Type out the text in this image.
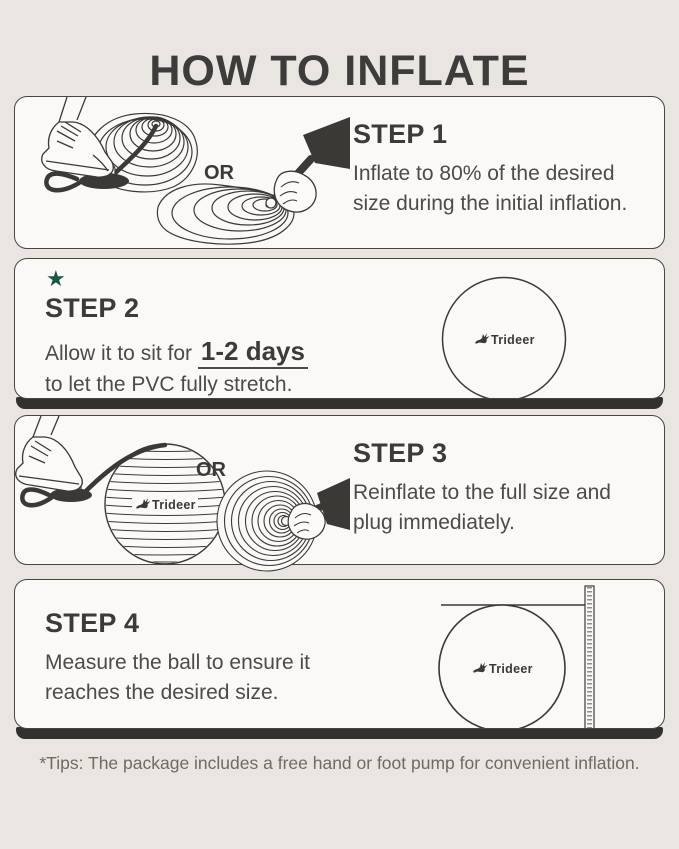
HOW TO INFLATE
OR
STEP 1

Inflate to 80% of the desired size during the initial inflation.

★
STEP 2

Allow it to sit for 1-2 days
to let the PVC fully stretch.

Trideer
Trideer
OR
STEP 3

Reinflate to the full size and plug immediately.

STEP 4

Measure the ball to ensure it reaches the desired size.

Trideer

*Tips: The package includes a free hand or foot pump for convenient inflation.
